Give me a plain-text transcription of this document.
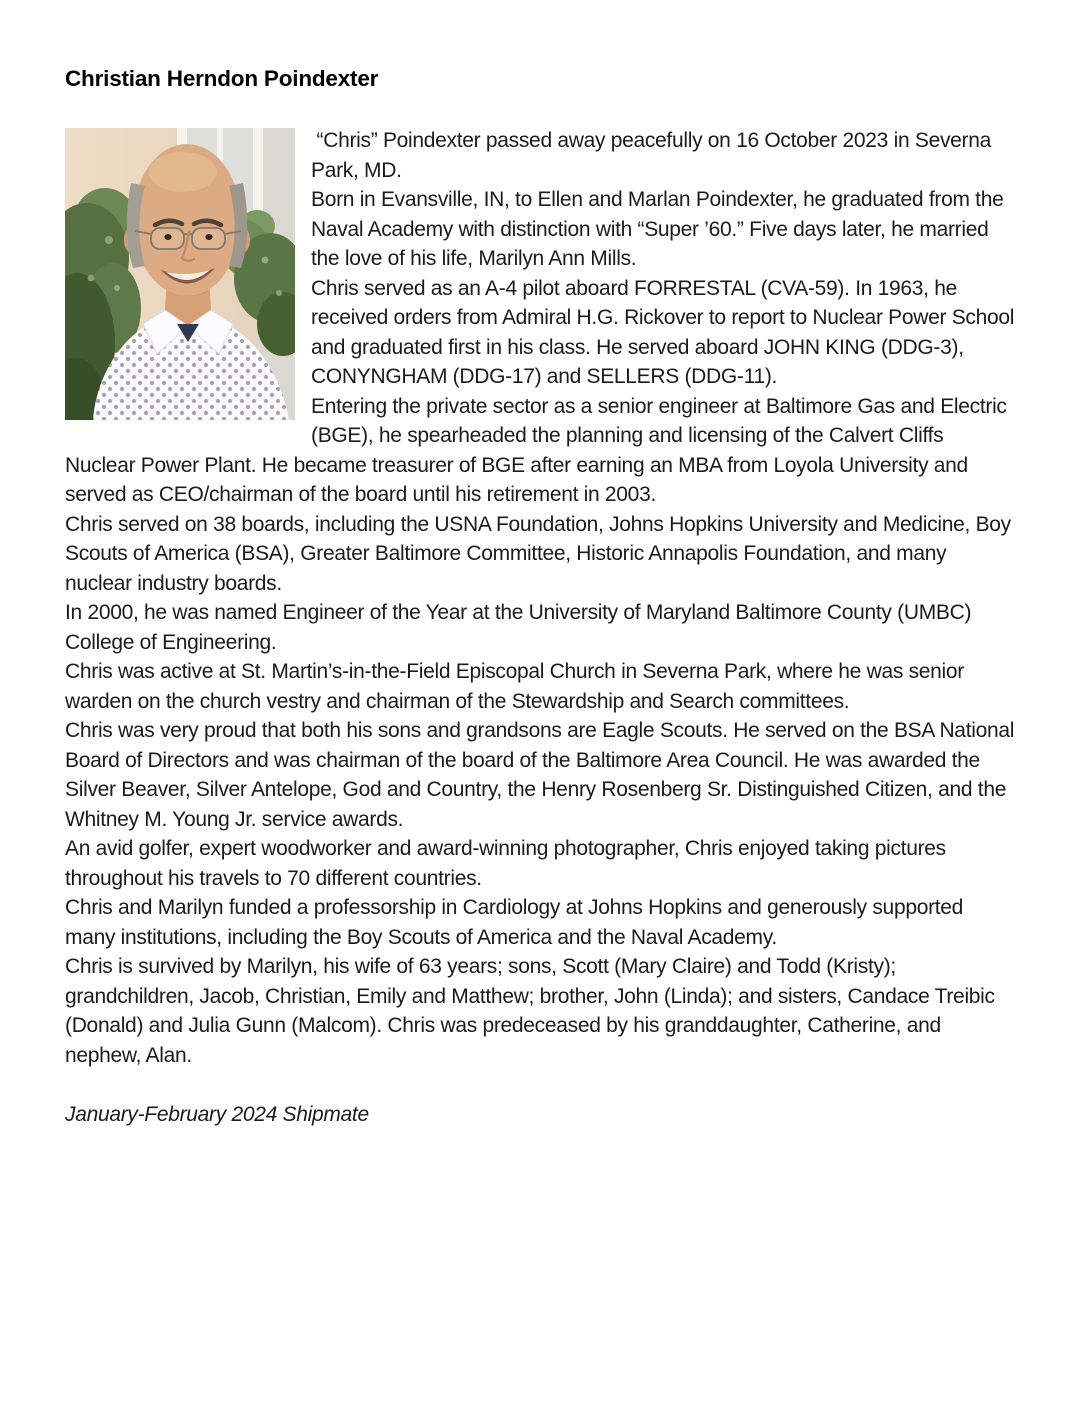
Christian Herndon Poindexter

“Chris” Poindexter passed away peacefully on 16 October 2023 in Severna Park, MD.

Born in Evansville, IN, to Ellen and Marlan Poindexter, he graduated from the Naval Academy with distinction with “Super ’60.” Five days later, he married the love of his life, Marilyn Ann Mills.

Chris served as an A-4 pilot aboard FORRESTAL (CVA-59). In 1963, he received orders from Admiral H.G. Rickover to report to Nuclear Power School and graduated first in his class. He served aboard JOHN KING (DDG-3), CONYNGHAM (DDG-17) and SELLERS (DDG-11).

Entering the private sector as a senior engineer at Baltimore Gas and Electric (BGE), he spearheaded the planning and licensing of the Calvert Cliffs Nuclear Power Plant. He became treasurer of BGE after earning an MBA from Loyola University and served as CEO/chairman of the board until his retirement in 2003.

Chris served on 38 boards, including the USNA Foundation, Johns Hopkins University and Medicine, Boy Scouts of America (BSA), Greater Baltimore Committee, Historic Annapolis Foundation, and many nuclear industry boards.

In 2000, he was named Engineer of the Year at the University of Maryland Baltimore County (UMBC) College of Engineering.

Chris was active at St. Martin’s-in-the-Field Episcopal Church in Severna Park, where he was senior warden on the church vestry and chairman of the Stewardship and Search committees.

Chris was very proud that both his sons and grandsons are Eagle Scouts. He served on the BSA National Board of Directors and was chairman of the board of the Baltimore Area Council. He was awarded the Silver Beaver, Silver Antelope, God and Country, the Henry Rosenberg Sr. Distinguished Citizen, and the Whitney M. Young Jr. service awards.

An avid golfer, expert woodworker and award-winning photographer, Chris enjoyed taking pictures throughout his travels to 70 different countries.

Chris and Marilyn funded a professorship in Cardiology at Johns Hopkins and generously supported many institutions, including the Boy Scouts of America and the Naval Academy.

Chris is survived by Marilyn, his wife of 63 years; sons, Scott (Mary Claire) and Todd (Kristy); grandchildren, Jacob, Christian, Emily and Matthew; brother, John (Linda); and sisters, Candace Treibic (Donald) and Julia Gunn (Malcom). Chris was predeceased by his granddaughter, Catherine, and nephew, Alan.

January-February 2024 Shipmate
